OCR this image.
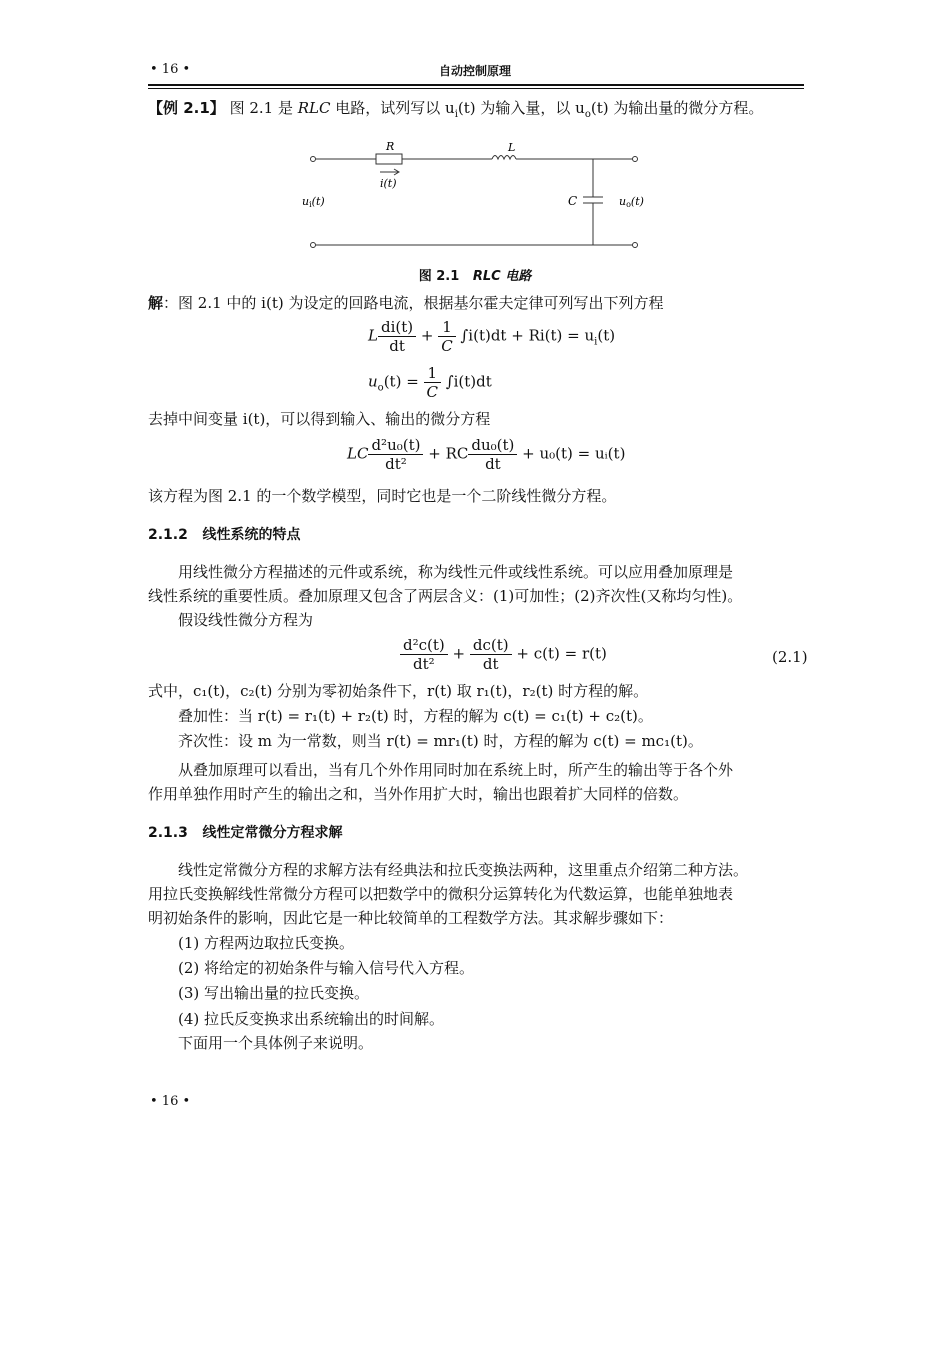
• 16 •	自动控制原理
【例 2.1】 图 2.1 是 RLC 电路，试列写以 $u_i(t)$ 为输入量，以 $u_o(t)$ 为输出量的微分方程。
R	L
i(t)
ui(t)	C	uo(t)
图 2.1 RLC 电路
解：图 2.1 中的 i(t) 为设定的回路电流，根据基尔霍夫定律可列写出下列方程
L $\frac{di(t)}{dt} + \frac{1}{C} \int i(t)dt + Ri(t) = u_i(t)$
$u_o(t) = \frac{1}{C} \int i(t)dt$
去掉中间变量 i(t)，可以得到输入、输出的微分方程
LC $\frac{\text{d²u₀(t)}}{\text{dt²}}$ + RC $\frac{\text{du₀(t)}}{dt} + u_0(t)$ = uᵢ(t)
该方程为图 2.1 的一个数学模型，同时它也是一个二阶线性微分方程。
2.1.2 线性系统的特点
用线性微分方程描述的元件或系统，称为线性元件或线性系统。可以应用叠加原理是
线性系统的重要性质。叠加原理又包含了两层含义：(1)可加性；(2)齐次性(又称均匀性)。
假设线性微分方程为
$\frac{\text{d²c(t)}}{\text{dt²}} + \frac{dc(t)}{dt} + c(t) = r(t)$	(2.1)
式中，c₁(t)，c₂(t) 分别为零初始条件下，r(t) 取 r₁(t)，r₂(t) 时方程的解。
叠加性：当 r(t) = r₁(t) + r₂(t) 时，方程的解为 c(t) = c₁(t) + c₂(t)。
齐次性：设 m 为一常数，则当 r(t) = mr₁(t) 时，方程的解为 c(t) = mc₁(t)。
从叠加原理可以看出，当有几个外作用同时加在系统上时，所产生的输出等于各个外
作用单独作用时产生的输出之和，当外作用扩大时，输出也跟着扩大同样的倍数。
2.1.3 线性定常微分方程求解
线性定常微分方程的求解方法有经典法和拉氏变换法两种，这里重点介绍第二种方法。
用拉氏变换解线性常微分方程可以把数学中的微积分运算转化为代数运算，也能单独地表
明初始条件的影响，因此它是一种比较简单的工程数学方法。其求解步骤如下：
(1) 方程两边取拉氏变换。
(2) 将给定的初始条件与输入信号代入方程。
(3) 写出输出量的拉氏变换。
(4) 拉氏反变换求出系统输出的时间解。
下面用一个具体例子来说明。
• 16 •
